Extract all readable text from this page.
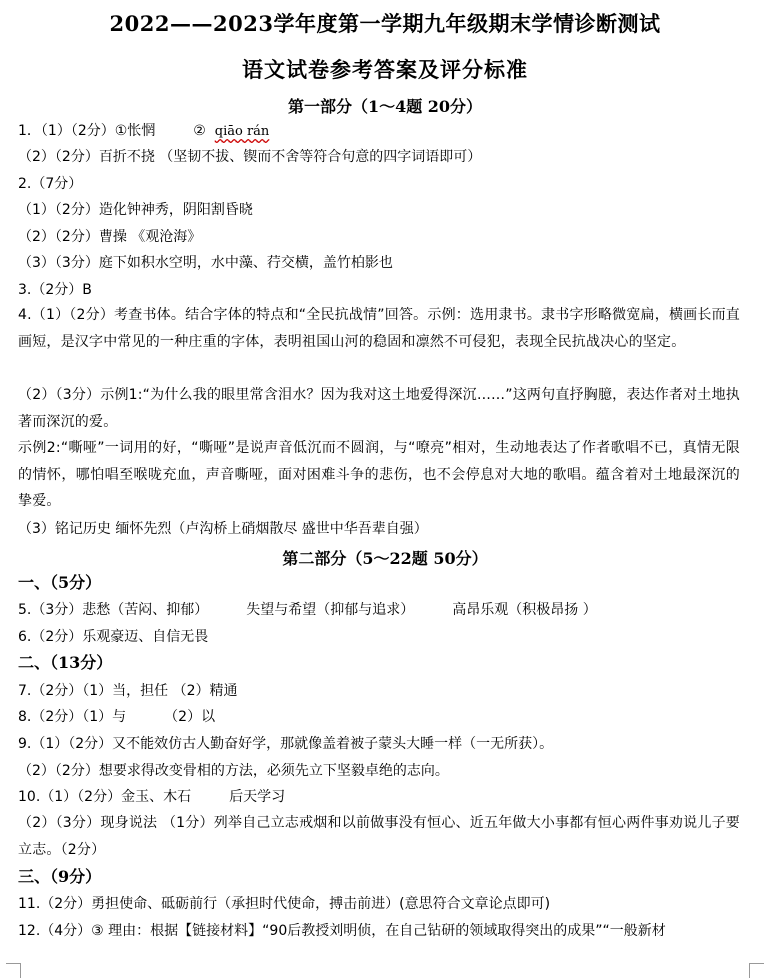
2022——2023学年度第一学期九年级期末学情诊断测试
语文试卷参考答案及评分标准
第一部分（1～4题 20分）
1．（1）（2分）①怅惘	② qiāo rán
（2）（2分）百折不挠 （坚韧不拔、锲而不舍等符合句意的四字词语即可）
2.（7分）
（1）（2分）造化钟神秀，阴阳割昏晓
（2）（2分）曹操 《观沧海》
（3）（3分）庭下如积水空明，水中藻、荇交横，盖竹柏影也
3.（2分）B
4.（1）（2分）考查书体。结合字体的特点和“全民抗战情”回答。示例：选用隶书。隶书字形略微宽扁，横画长而直画短，是汉字中常见的一种庄重的字体，表明祖国山河的稳固和凛然不可侵犯，表现全民抗战决心的坚定。
（2）（3分）示例1:“为什么我的眼里常含泪水？因为我对这土地爱得深沉……”这两句直抒胸臆，表达作者对土地执著而深沉的爱。
示例2:“嘶哑”一词用的好，“嘶哑”是说声音低沉而不圆润，与“嘹亮”相对，生动地表达了作者歌唱不已，真情无限的情怀，哪怕唱至喉咙充血，声音嘶哑，面对困难斗争的悲伤，也不会停息对大地的歌唱。蕴含着对土地最深沉的挚爱。
（3）铭记历史 缅怀先烈（卢沟桥上硝烟散尽 盛世中华吾辈自强）
第二部分（5～22题 50分）
一、（5分）
5.（3分）悲愁（苦闷、抑郁）	失望与希望（抑郁与追求）	高昂乐观（积极昂扬 ）
6.（2分）乐观豪迈、自信无畏
二、（13分）
7.（2分）（1）当，担任 （2）精通
8.（2分）（1）与	（2）以
9.（1）（2分）又不能效仿古人勤奋好学，那就像盖着被子蒙头大睡一样（一无所获）。
（2）（2分）想要求得改变骨相的方法，必须先立下坚毅卓绝的志向。
10.（1）（2分）金玉、木石	后天学习
（2）（3分）现身说法 （1分）列举自己立志戒烟和以前做事没有恒心、近五年做大小事都有恒心两件事劝说儿子要立志。（2分）
三、（9分）
11.（2分）勇担使命、砥砺前行（承担时代使命，搏击前进）(意思符合文章论点即可)
12.（4分）③ 理由：根据【链接材料】“90后教授刘明侦，在自己钻研的领域取得突出的成果”“一般新材
